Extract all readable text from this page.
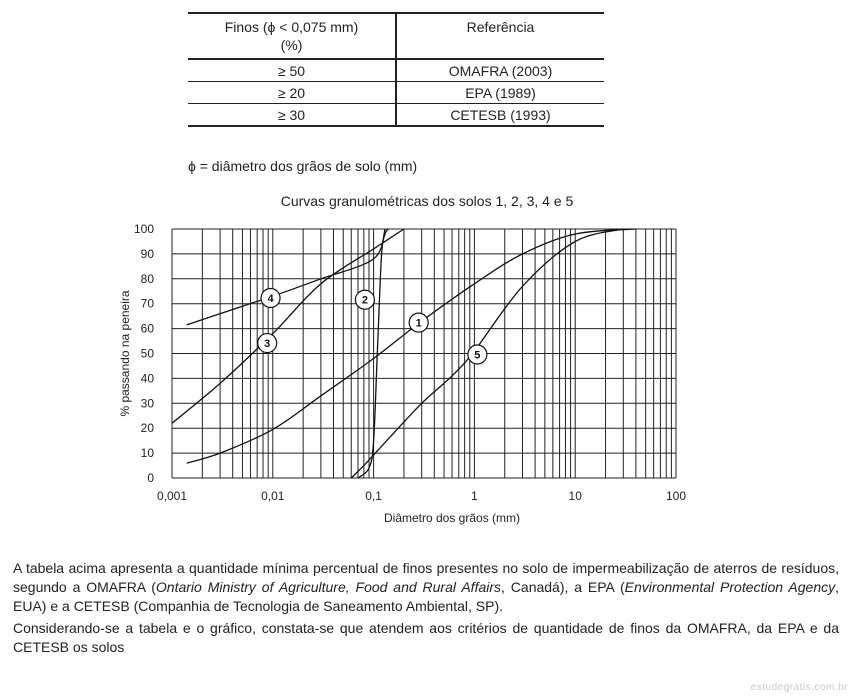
Finos (ϕ < 0,075 mm)
(%)	Referência
≥ 50	OMAFRA (2003)
≥ 20	EPA (1989)
≥ 30	CETESB (1993)
ϕ = diâmetro dos grãos de solo (mm)
Curvas granulométricas dos solos 1, 2, 3, 4 e 5
0
10
20
30
40
50
60
70
80
90
100
0,001	0,01	0,1	1	10	100
Diâmetro dos grãos (mm)
% passando na peneira	1
2
3
4
5
A tabela acima apresenta a quantidade mínima percentual de finos presentes no solo de impermeabilização de aterros de resíduos, segundo a OMAFRA (Ontario Ministry of Agriculture, Food and Rural Affairs, Canadá), a EPA (Environmental Protection Agency, EUA) e a CETESB (Companhia de Tecnologia de Saneamento Ambiental, SP).
Considerando-se a tabela e o gráfico, constata-se que atendem aos critérios de quantidade de finos da OMAFRA, da EPA e da CETESB os solos
estudegratis.com.br
